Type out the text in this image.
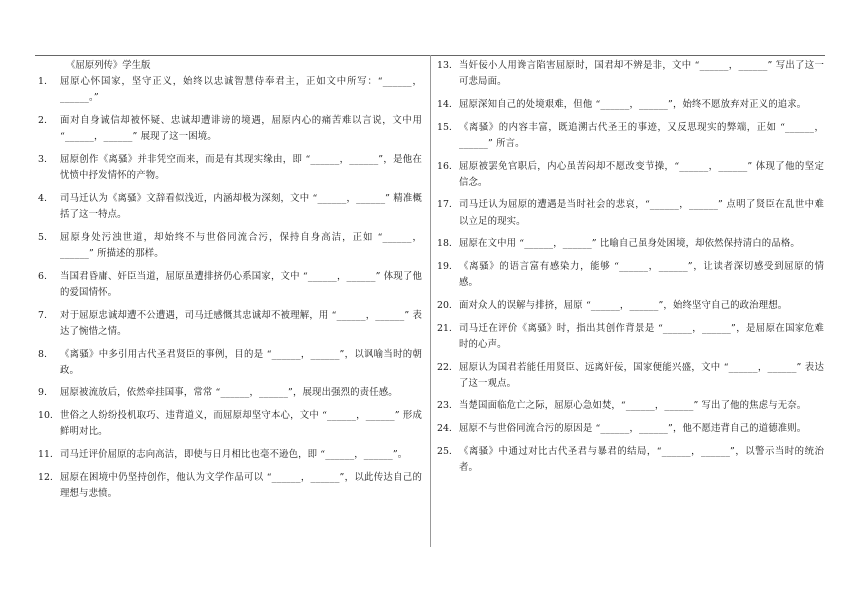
《屈原列传》学生版
1.	屈原心怀国家，坚守正义，始终以忠诚智慧侍奉君主，正如文中所写：“______，______。”
2.	面对自身诚信却被怀疑、忠诚却遭诽谤的境遇，屈原内心的痛苦难以言说，文中用 “______，______” 展现了这一困境。
3.	屈原创作《离骚》并非凭空而来，而是有其现实缘由，即 “______，______”，是他在忧愤中抒发情怀的产物。
4.	司马迁认为《离骚》文辞看似浅近，内涵却极为深刻，文中 “______，______” 精准概括了这一特点。
5.	屈原身处污浊世道，却始终不与世俗同流合污，保持自身高洁，正如 “______，______” 所描述的那样。
6.	当国君昏庸、奸臣当道，屈原虽遭排挤仍心系国家，文中 “______，______” 体现了他的爱国情怀。
7.	对于屈原忠诚却遭不公遭遇，司马迁感慨其忠诚却不被理解，用 “______，______” 表达了惋惜之情。
8.	《离骚》中多引用古代圣君贤臣的事例，目的是 “______，______”，以讽喻当时的朝政。
9.	屈原被流放后，依然牵挂国事，常常 “______，______”，展现出强烈的责任感。
10. 世俗之人纷纷投机取巧、违背道义，而屈原却坚守本心，文中 “______，______” 形成鲜明对比。
11. 司马迁评价屈原的志向高洁，即使与日月相比也毫不逊色，即 “______，______”。
12. 屈原在困境中仍坚持创作，他认为文学作品可以 “______，______”，以此传达自己的理想与悲愤。
13. 当奸佞小人用谗言陷害屈原时，国君却不辨是非，文中 “______，______” 写出了这一可悲局面。
14. 屈原深知自己的处境艰难，但他 “______，______”，始终不愿放弃对正义的追求。
15. 《离骚》的内容丰富，既追溯古代圣王的事迹，又反思现实的弊端，正如 “______，______” 所言。
16. 屈原被罢免官职后，内心虽苦闷却不愿改变节操，“______，______” 体现了他的坚定信念。
17. 司马迁认为屈原的遭遇是当时社会的悲哀，“______，______” 点明了贤臣在乱世中难以立足的现实。
18. 屈原在文中用 “______，______” 比喻自己虽身处困境，却依然保持清白的品格。
19. 《离骚》的语言富有感染力，能够 “______，______”，让读者深切感受到屈原的情感。
20. 面对众人的误解与排挤，屈原 “______，______”，始终坚守自己的政治理想。
21. 司马迁在评价《离骚》时，指出其创作背景是 “______，______”，是屈原在国家危难时的心声。
22. 屈原认为国君若能任用贤臣、远离奸佞，国家便能兴盛，文中 “______，______” 表达了这一观点。
23. 当楚国面临危亡之际，屈原心急如焚，“______，______” 写出了他的焦虑与无奈。
24. 屈原不与世俗同流合污的原因是 “______，______”，他不愿违背自己的道德准则。
25. 《离骚》中通过对比古代圣君与暴君的结局，“______，______”，以警示当时的统治者。
